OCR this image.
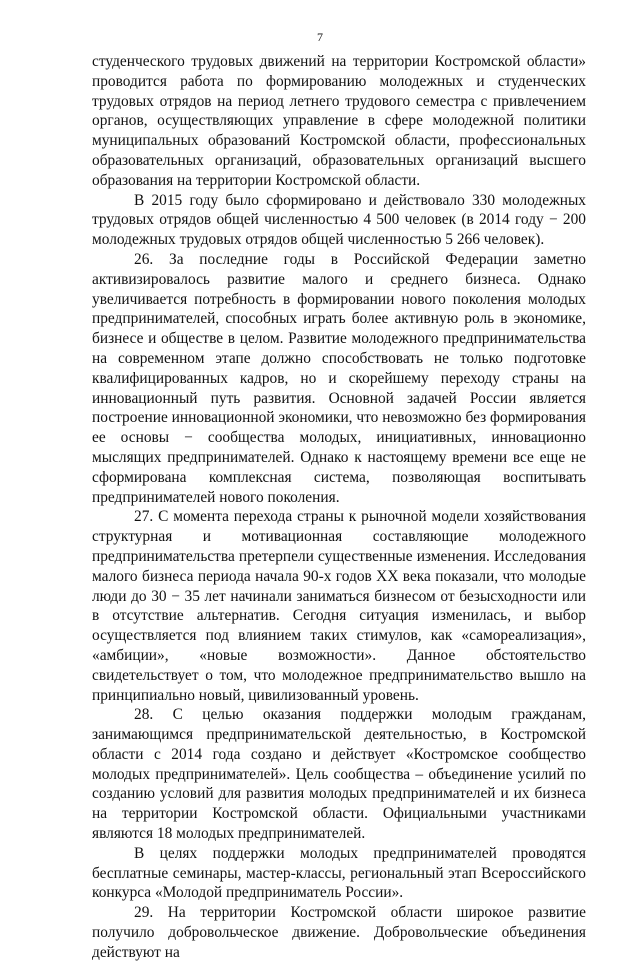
7

студенческого трудовых движений на территории Костромской области» проводится работа по формированию молодежных и студенческих трудовых отрядов на период летнего трудового семестра с привлечением органов, осуществляющих управление в сфере молодежной политики муниципальных образований Костромской области, профессиональных образовательных организаций, образовательных организаций высшего образования на территории Костромской области.

В 2015 году было сформировано и действовало 330 молодежных трудовых отрядов общей численностью 4 500 человек (в 2014 году − 200 молодежных трудовых отрядов общей численностью 5 266 человек).

26. За последние годы в Российской Федерации заметно активизировалось развитие малого и среднего бизнеса. Однако увеличивается потребность в формировании нового поколения молодых предпринимателей, способных играть более активную роль в экономике, бизнесе и обществе в целом. Развитие молодежного предпринимательства на современном этапе должно способствовать не только подготовке квалифицированных кадров, но и скорейшему переходу страны на инновационный путь развития. Основной задачей России является построение инновационной экономики, что невозможно без формирования ее основы − сообщества молодых, инициативных, инновационно мыслящих предпринимателей. Однако к настоящему времени все еще не сформирована комплексная система, позволяющая воспитывать предпринимателей нового поколения.

27. С момента перехода страны к рыночной модели хозяйствования структурная и мотивационная составляющие молодежного предпринимательства претерпели существенные изменения. Исследования малого бизнеса периода начала 90-х годов XX века показали, что молодые люди до 30 − 35 лет начинали заниматься бизнесом от безысходности или в отсутствие альтернатив. Сегодня ситуация изменилась, и выбор осуществляется под влиянием таких стимулов, как «самореализация», «амбиции», «новые возможности». Данное обстоятельство свидетельствует о том, что молодежное предпринимательство вышло на принципиально новый, цивилизованный уровень.

28. С целью оказания поддержки молодым гражданам, занимающимся предпринимательской деятельностью, в Костромской области с 2014 года создано и действует «Костромское сообщество молодых предпринимателей». Цель сообщества – объединение усилий по созданию условий для развития молодых предпринимателей и их бизнеса на территории Костромской области. Официальными участниками являются 18 молодых предпринимателей.

В целях поддержки молодых предпринимателей проводятся бесплатные семинары, мастер-классы, региональный этап Всероссийского конкурса «Молодой предприниматель России».

29. На территории Костромской области широкое развитие получило добровольческое движение. Добровольческие объединения действуют на
